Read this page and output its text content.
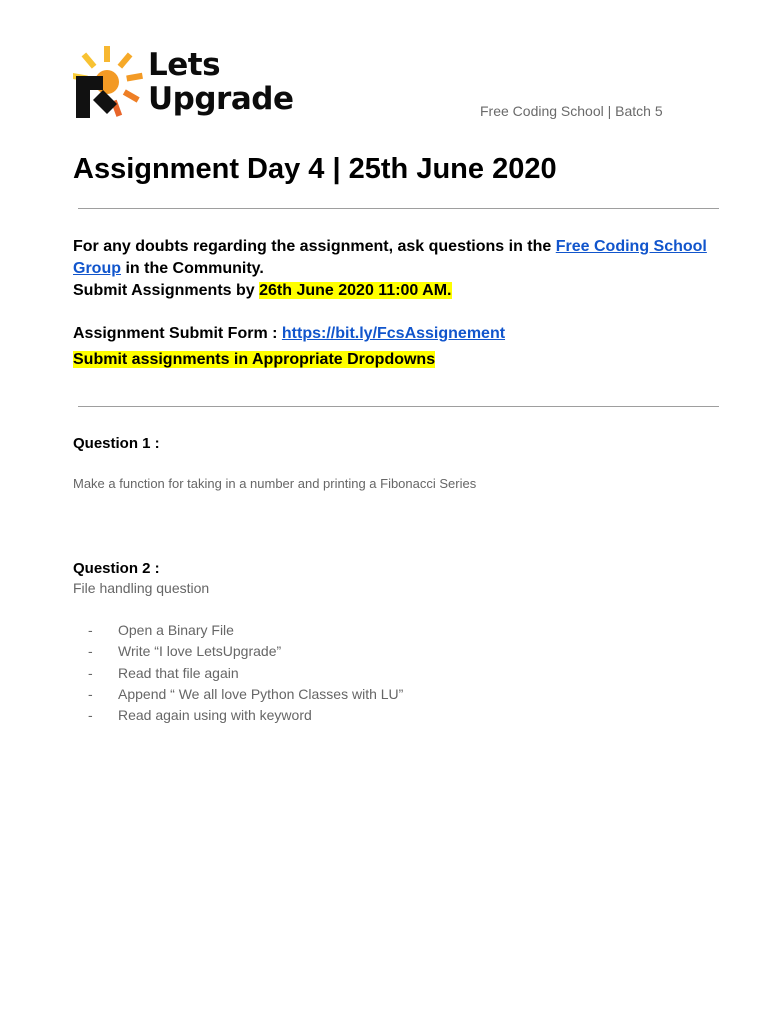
Lets
Upgrade	Free Coding School | Batch 5
Assignment Day 4 | 25th June 2020

For any doubts regarding the assignment, ask questions in the Free Coding School Group in the Community.

Submit Assignments by 26th June 2020 11:00 AM.

Assignment Submit Form : https://bit.ly/FcsAssignement

Submit assignments in Appropriate Dropdowns

Question 1 :
Make a function for taking in a number and printing a Fibonacci Series
Question 2 :
File handling question
-	Open a Binary File
-	Write “I love LetsUpgrade”
-	Read that file again
-	Append “ We all love Python Classes with LU”
-	Read again using with keyword
